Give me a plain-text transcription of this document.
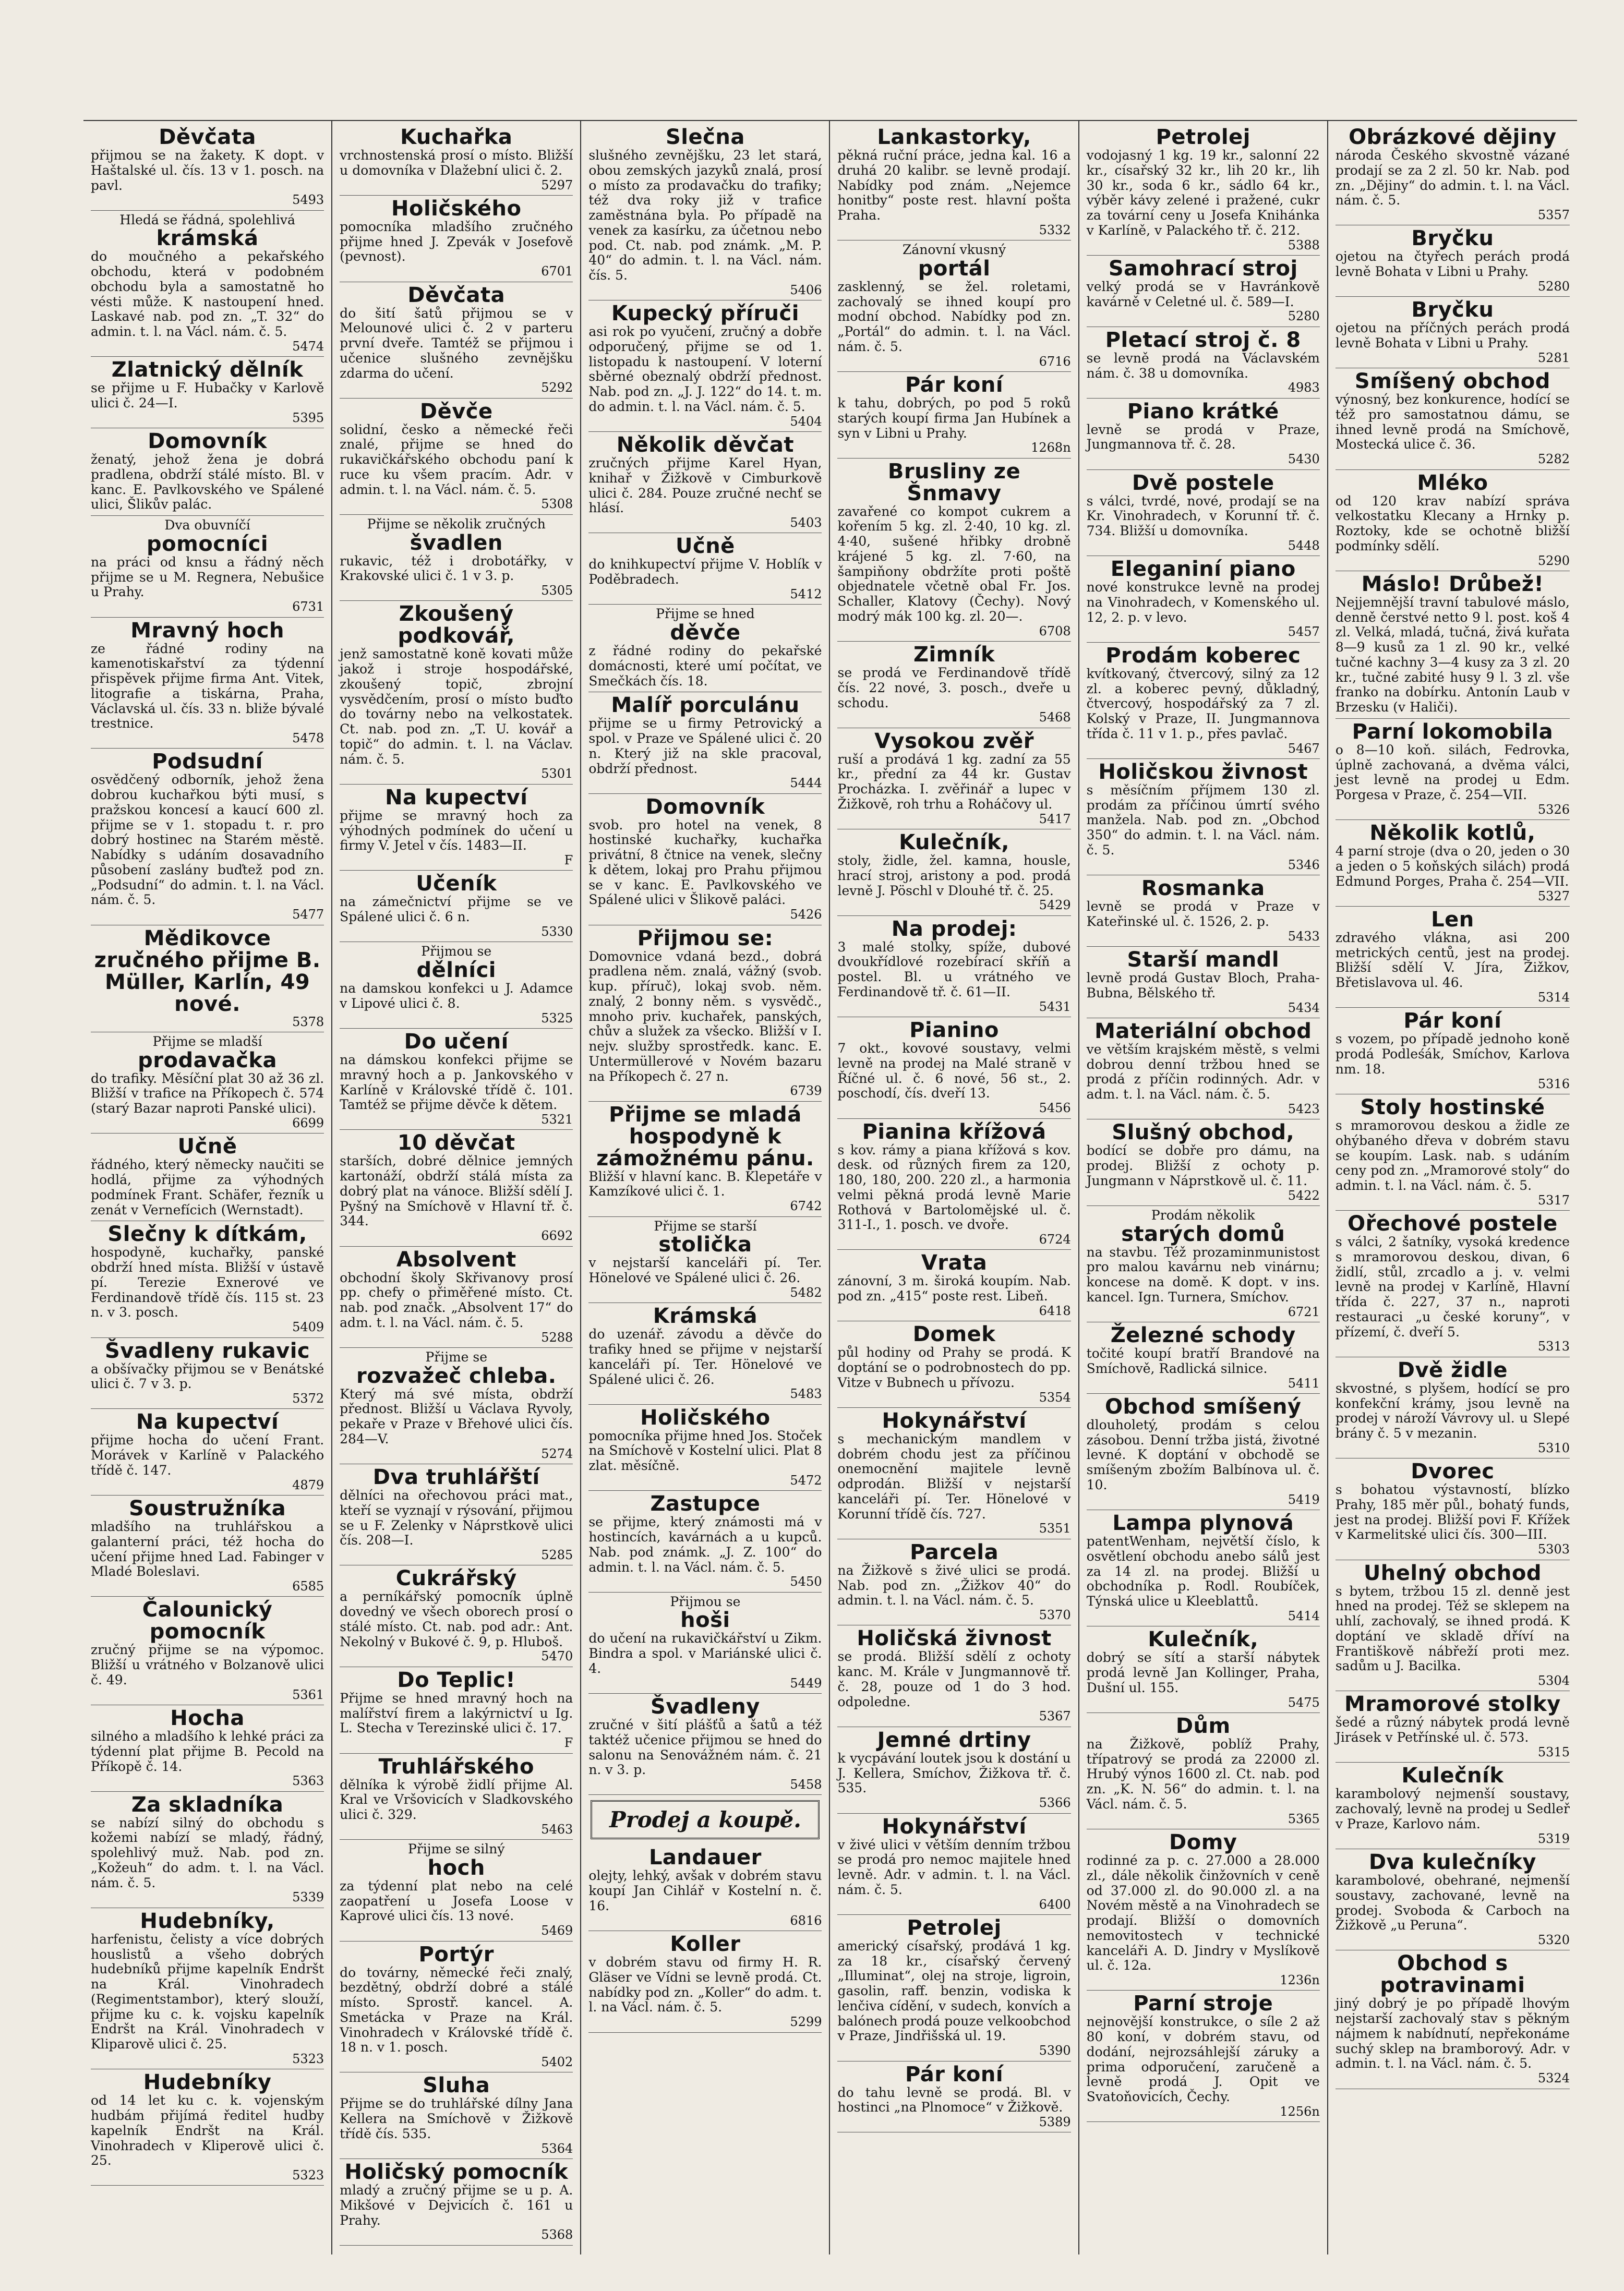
Děvčata
přijmou se na žakety. K dopt. v Haštalské ul. čís. 13 v 1. posch. na pavl.
5493
Hledá se řádná, spolehlivá
krámská
do moučného a pekařského obchodu, která v podobném obchodu byla a samostatně ho vésti může. K nastoupení hned. Laskavé nab. pod zn. „T. 32“ do admin. t. l. na Václ. nám. č. 5.
5474
Zlatnický dělník
se přijme u F. Hubačky v Karlově ulici č. 24—I.
5395
Domovník
ženatý, jehož žena je dobrá pradlena, obdrží stálé místo. Bl. v kanc. E. Pavlkovského ve Spálené ulici, Šlikův palác.
Dva obuvníčí
pomocníci
na práci od knsu a řádný něch přijme se u M. Regnera, Nebušice u Prahy.
6731
Mravný hoch
ze řádné rodiny na kamenotiskařství za týdenní přispěvek přijme firma Ant. Vitek, litografie a tiskárna, Praha, Václavská ul. čís. 33 n. bliže bývalé trestnice.
5478
Podsudní
osvědčený odborník, jehož žena dobrou kuchařkou býti musí, s pražskou koncesí a kaucí 600 zl. přijme se v 1. stopadu t. r. pro dobrý hostinec na Starém městě. Nabídky s udáním dosavadního působení zaslány buďtež pod zn. „Podsudní“ do admin. t. l. na Václ. nám. č. 5.
5477
Mědikovce zručného přijme B. Müller, Karlín, 49 nové.
5378
Přijme se mladší
prodavačka
do trafiky. Měsíční plat 30 až 36 zl. Bližší v trafice na Příkopech č. 574 (starý Bazar naproti Panské ulici).
6699
Učně
řádného, který německy naučiti se hodlá, přijme za výhodných podmínek Frant. Schäfer, řezník u zenát v Vernefícich (Wernstadt).
Slečny k dítkám,
hospodyně, kuchařky, panské obdrží hned místa. Bližší v ústavě pí. Terezie Exnerové ve Ferdinandově třídě čís. 115 st. 23 n. v 3. posch.
5409
Švadleny rukavic
a obšívačky přijmou se v Benátské ulici č. 7 v 3. p.
5372
Na kupectví
přijme hocha do učení Frant. Morávek v Karlíně v Palackého třídě č. 147.
4879
Soustružníka
mladšího na truhlářskou a galanterní práci, též hocha do učení přijme hned Lad. Fabinger v Mladé Boleslavi.
6585
Čalounický pomocník
zručný přijme se na výpomoc. Bližší u vrátného v Bolzanově ulici č. 49.
5361
Hocha
silného a mladšího k lehké práci za týdenní plat přijme B. Pecold na Příkopě č. 14.
5363
Za skladníka
se nabízí silný do obchodu s kožemi nabízí se mladý, řádný, spolehlivý muž. Nab. pod zn. „Kožeuh“ do adm. t. l. na Václ. nám. č. 5.
5339
Hudebníky,
harfenistu, čelisty a více dobrých houslistů a všeho dobrých hudebníků přijme kapelník Endršt na Král. Vinohradech (Regimentstambor), který slouží, přijme ku c. k. vojsku kapelník Endršt na Král. Vinohradech v Kliparově ulici č. 25.
5323
Hudebníky
od 14 let ku c. k. vojenským hudbám přijímá ředitel hudby kapelník Endršt na Král. Vinohradech v Kliperově ulici č. 25.
5323
Kuchařka
vrchnostenská prosí o místo. Bližší u domovníka v Dlažební ulici č. 2.
5297
Holičského
pomocníka mladšího zručného přijme hned J. Zpevák v Josefově (pevnost).
6701
Děvčata
do šití šatů přijmou se v Melounové ulici č. 2 v parteru první dveře. Tamtéž se přijmou i učenice slušného zevnějšku zdarma do učení.
5292
Děvče
solidní, česko a německé řeči znalé, přijme se hned do rukavičkářského obchodu paní k ruce ku všem pracím. Adr. v admin. t. l. na Václ. nám. č. 5.
5308
Přijme se několik zručných
švadlen
rukavic, též i drobotářky, v Krakovské ulici č. 1 v 3. p.
5305
Zkoušený podkovář,
jenž samostatně koně kovati může jakož i stroje hospodářské, zkoušený topič, zbrojní vysvědčením, prosí o místo buďto do továrny nebo na velkostatek. Ct. nab. pod zn. „T. U. kovář a topič“ do admin. t. l. na Václav. nám. č. 5.
5301
Na kupectví
přijme se mravný hoch za výhodných podmínek do učení u firmy V. Jetel v čís. 1483—II.
F
Učeník
na zámečnictví přijme se ve Spálené ulici č. 6 n.
5330
Přijmou se
dělníci
na damskou konfekci u J. Adamce v Lipové ulici č. 8.
5325
Do učení
na dámskou konfekci přijme se mravný hoch a p. Jankovského v Karlíně v Královské třídě č. 101. Tamtéž se přijme děvče k dětem.
5321
10 děvčat
starších, dobré dělnice jemných kartonáží, obdrží stálá místa za dobrý plat na vánoce. Bližší sdělí J. Pyšný na Smíchově v Hlavní tř. č. 344.
6692
Absolvent
obchodní školy Skřivanovy prosí pp. chefy o přiměřené místo. Ct. nab. pod značk. „Absolvent 17“ do adm. t. l. na Václ. nám. č. 5.
5288
Přijme se
rozvažeč chleba.
Který má své místa, obdrží přednost. Bližší u Václava Ryvoly, pekaře v Praze v Břehové ulici čís. 284—V.
5274
Dva truhlářští
dělníci na ořechovou práci mat., kteří se vyznají v rýsování, přijmou se u F. Zelenky v Náprstkově ulici čís. 208—I.
5285
Cukrářský
a perníkářský pomocník úplně dovedný ve všech oborech prosí o stálé místo. Ct. nab. pod adr.: Ant. Nekolný v Bukové č. 9, p. Hluboš.
5470
Do Teplic!
Přijme se hned mravný hoch na malířství firem a lakýrnictví u Ig. L. Stecha v Terezinské ulici č. 17.
F
Truhlářského
dělníka k výrobě židlí přijme Al. Kral ve Vršovicích v Sladkovského ulici č. 329.
5463
Přijme se silný
hoch
za týdenní plat nebo na celé zaopatření u Josefa Loose v Kaprové ulici čís. 13 nové.
5469
Portýr
do továrny, německé řeči znalý, bezdětný, obdrží dobré a stálé místo. Sprostř. kancel. A. Smetácka v Praze na Král. Vinohradech v Královské třídě č. 18 n. v 1. posch.
5402
Sluha
Přijme se do truhlářské dílny Jana Kellera na Smíchově v Žižkově třídě čís. 535.
5364
Holičský pomocník
mladý a zručný přijme se u p. A. Mikšové v Dejvicích č. 161 u Prahy.
5368
Slečna
slušného zevnějšku, 23 let stará, obou zemských jazyků znalá, prosí o místo za prodavačku do trafiky; též dva roky již v trafice zaměstnána byla. Po případě na venek za kasírku, za účetnou nebo pod. Ct. nab. pod známk. „M. P. 40“ do admin. t. l. na Václ. nám. čís. 5.
5406
Kupecký příruči
asi rok po vyučení, zručný a dobře odporučený, přijme se od 1. listopadu k nastoupení. V loterní sběrné obeznalý obdrží přednost. Nab. pod zn. „J. J. 122“ do 14. t. m. do admin. t. l. na Václ. nám. č. 5.
5404
Několik děvčat
zručných přijme Karel Hyan, knihař v Žižkově v Cimburkově ulici č. 284. Pouze zručné nechť se hlásí.
5403
Učně
do knihkupectví přijme V. Hoblík v Poděbradech.
5412
Přijme se hned
děvče
z řádné rodiny do pekařské domácnosti, které umí počítat, ve Smečkách čís. 18.
Malíř porculánu
přijme se u firmy Petrovický a spol. v Praze ve Spálené ulici č. 20 n. Který již na skle pracoval, obdrží přednost.
5444
Domovník
svob. pro hotel na venek, 8 hostinské kuchařky, kuchařka privátní, 8 čtnice na venek, slečny k dětem, lokaj pro Prahu přijmou se v kanc. E. Pavlkovského ve Spálené ulici v Šlikově paláci.
5426
Přijmou se:
Domovnice vdaná bezd., dobrá pradlena něm. znalá, vážný (svob. kup. příruč), lokaj svob. něm. znalý, 2 bonny něm. s vysvědč., mnoho priv. kuchařek, panských, chův a služek za všecko. Bližší v I. nejv. služby sprostředk. kanc. E. Untermüllerové v Novém bazaru na Příkopech č. 27 n.
6739
Přijme se mladá hospodyně k zámožnému pánu.
Bližší v hlavní kanc. B. Klepetáře v Kamzíkové ulici č. 1.
6742
Přijme se starší
stolička
v nejstarší kanceláři pí. Ter. Hönelové ve Spálené ulici č. 26.
5482
Krámská
do uzenář. závodu a děvče do trafiky hned se přijme v nejstarší kanceláři pí. Ter. Hönelové ve Spálené ulici č. 26.
5483
Holičského
pomocníka přijme hned Jos. Stoček na Smíchově v Kostelní ulici. Plat 8 zlat. měsíčně.
5472
Zastupce
se přijme, který známosti má v hostincích, kavárnách a u kupců. Nab. pod známk. „J. Z. 100“ do admin. t. l. na Václ. nám. č. 5.
5450
Přijmou se
hoši
do učení na rukavičkářství u Zikm. Bindra a spol. v Mariánské ulici č. 4.
5449
Švadleny
zručné v šití plášťů a šatů a též taktéž učenice přijmou se hned do salonu na Senovážném nám. č. 21 n. v 3. p.
5458
Prodej a koupě.
Landauer
olejty, lehký, avšak v dobrém stavu koupí Jan Cihlář v Kostelní n. č. 16.
6816
Koller
v dobrém stavu od firmy H. R. Gläser ve Vídni se levně prodá. Ct. nabídky pod zn. „Koller“ do adm. t. l. na Václ. nám. č. 5.
5299
Lankastorky,
pěkná ruční práce, jedna kal. 16 a druhá 20 kalibr. se levně prodají. Nabídky pod znám. „Nejemce honitby“ poste rest. hlavní pošta Praha.
5332
Zánovní vkusný
portál
zasklenný, se žel. roletami, zachovalý se ihned koupí pro modní obchod. Nabídky pod zn. „Portál“ do admin. t. l. na Václ. nám. č. 5.
6716
Pár koní
k tahu, dobrých, po pod 5 roků starých koupí firma Jan Hubínek a syn v Libni u Prahy.
1268n
Brusliny ze Šnmavy
zavařené co kompot cukrem a kořením 5 kg. zl. 2·40, 10 kg. zl. 4·40, sušené hřibky drobně krájené 5 kg. zl. 7·60, na šampiňony obdržíte proti poště objednatele včetně obal Fr. Jos. Schaller, Klatovy (Čechy). Nový modrý mák 100 kg. zl. 20—.
6708
Zimník
se prodá ve Ferdinandově třídě čís. 22 nové, 3. posch., dveře u schodu.
5468
Vysokou zvěř
ruší a prodává 1 kg. zadní za 55 kr., přední za 44 kr. Gustav Procházka. I. zvěřinář a lupec v Žižkově, roh trhu a Roháčovy ul.
5417
Kulečník,
stoly, židle, žel. kamna, housle, hrací stroj, aristony a pod. prodá levně J. Pöschl v Dlouhé tř. č. 25.
5429
Na prodej:
3 malé stolky, spíže, dubové dvoukřídlové rozebírací skříň a postel. Bl. u vrátného ve Ferdinandově tř. č. 61—II.
5431
Pianino
7 okt., kovové soustavy, velmi levně na prodej na Malé straně v Říčné ul. č. 6 nové, 56 st., 2. poschodí, čís. dveří 13.
5456
Pianina křížová
s kov. rámy a piana křížová s kov. desk. od různých firem za 120, 180, 180, 200. 220 zl., a harmonia velmi pěkná prodá levně Marie Rothová v Bartolomějské ul. č. 311-I., 1. posch. ve dvoře.
6724
Vrata
zánovní, 3 m. široká koupím. Nab. pod zn. „415“ poste rest. Libeň.
6418
Domek
půl hodiny od Prahy se prodá. K doptání se o podrobnostech do pp. Vitze v Bubnech u přívozu.
5354
Hokynářství
s mechanickým mandlem v dobrém chodu jest za příčinou onemocnění majitele levně odprodán. Bližší v nejstarší kanceláři pí. Ter. Hönelové v Korunní třídě čís. 727.
5351
Parcela
na Žižkově s živé ulici se prodá. Nab. pod zn. „Žižkov 40“ do admin. t. l. na Václ. nám. č. 5.
5370
Holičská živnost
se prodá. Bližší sdělí z ochoty kanc. M. Krále v Jungmannově tř. č. 28, pouze od 1 do 3 hod. odpoledne.
5367
Jemné drtiny
k vycpávání loutek jsou k dostání u J. Kellera, Smíchov, Žižkova tř. č. 535.
5366
Hokynářství
v živé ulici v větším denním tržbou se prodá pro nemoc majitele hned levně. Adr. v admin. t. l. na Václ. nám. č. 5.
6400
Petrolej
americký císařský, prodává 1 kg. za 18 kr., císařský červený „Illuminat“, olej na stroje, ligroin, gasolin, raff. benzin, vodiska k lenčiva cídění, v sudech, konvích a balónech prodá pouze velkoobchod v Praze, Jindřišská ul. 19.
5390
Pár koní
do tahu levně se prodá. Bl. v hostinci „na Plnomoce“ v Žižkově.
5389
Petrolej
vodojasný 1 kg. 19 kr., salonní 22 kr., císařský 32 kr., lih 20 kr., lih 30 kr., soda 6 kr., sádlo 64 kr., výběr kávy zelené i pražené, cukr za tovární ceny u Josefa Knihánka v Karlíně, v Palackého tř. č. 212.
5388
Samohrací stroj
velký prodá se v Havránkově kavárně v Celetné ul. č. 589—I.
5280
Pletací stroj č. 8
se levně prodá na Václavském nám. č. 38 u domovníka.
4983
Piano krátké
levně se prodá v Praze, Jungmannova tř. č. 28.
5430
Dvě postele
s válci, tvrdé, nové, prodají se na Kr. Vinohradech, v Korunní tř. č. 734. Bližší u domovníka.
5448
Eleganiní piano
nové konstrukce levně na prodej na Vinohradech, v Komenského ul. 12, 2. p. v levo.
5457
Prodám koberec
kvítkovaný, čtvercový, silný za 12 zl. a koberec pevný, důkladný, čtvercový, hospodářský za 7 zl. Kolský v Praze, II. Jungmannova třída č. 11 v 1. p., přes pavlač.
5467
Holičskou živnost
s měsíčním příjmem 130 zl. prodám za příčinou úmrtí svého manžela. Nab. pod zn. „Obchod 350“ do admin. t. l. na Václ. nám. č. 5.
5346
Rosmanka
levně se prodá v Praze v Kateřinské ul. č. 1526, 2. p.
5433
Starší mandl
levně prodá Gustav Bloch, Praha-Bubna, Bělského tř.
5434
Materiální obchod
ve větším krajském městě, s velmi dobrou denní tržbou hned se prodá z příčin rodinných. Adr. v adm. t. l. na Václ. nám. č. 5.
5423
Slušný obchod,
bodící se dobře pro dámu, na prodej. Bližší z ochoty p. Jungmann v Náprstkově ul. č. 11.
5422
Prodám několik
starých domů
na stavbu. Též prozaminmunistost pro malou kavárnu neb vinárnu; koncese na domě. K dopt. v ins. kancel. Ign. Turnera, Smíchov.
6721
Železné schody
točité koupí bratří Brandové na Smíchově, Radlická silnice.
5411
Obchod smíšený
dlouholetý, prodám s celou zásobou. Denní tržba jistá, životné levné. K doptání v obchodě se smíšeným zbožím Balbínova ul. č. 10.
5419
Lampa plynová
patentWenham, největší číslo, k osvětlení obchodu anebo sálů jest za 14 zl. na prodej. Bližší u obchodníka p. Rodl. Roubíček, Týnská ulice u Kleeblattů.
5414
Kulečník,
dobrý se sítí a starší nábytek prodá levně Jan Kollinger, Praha, Dušní ul. 155.
5475
Dům
na Žižkově, poblíž Prahy, třípatrový se prodá za 22000 zl. Hrubý výnos 1600 zl. Ct. nab. pod zn. „K. N. 56“ do admin. t. l. na Václ. nám. č. 5.
5365
Domy
rodinné za p. c. 27.000 a 28.000 zl., dále několik činžovních v ceně od 37.000 zl. do 90.000 zl. a na Novém městě a na Vinohradech se prodají. Bližší o domovních nemovitostech v technické kanceláři A. D. Jindry v Myslíkově ul. č. 12a.
1236n
Parní stroje
nejnovější konstrukce, o síle 2 až 80 koní, v dobrém stavu, od dodání, nejrozsáhlejší záruky a prima odporučení, zaručeně a levně prodá J. Opit ve Svatoňovicích, Čechy.
1256n
Obrázkové dějiny
národa Českého skvostně vázané prodají se za 2 zl. 50 kr. Nab. pod zn. „Dějiny“ do admin. t. l. na Václ. nám. č. 5.
5357
Bryčku
ojetou na čtyřech perách prodá levně Bohata v Libni u Prahy.
5280
Bryčku
ojetou na příčných perách prodá levně Bohata v Libni u Prahy.
5281
Smíšený obchod
výnosný, bez konkurence, hodící se též pro samostatnou dámu, se ihned levně prodá na Smíchově, Mostecká ulice č. 36.
5282
Mléko
od 120 krav nabízí správa velkostatku Klecany a Hrnky p. Roztoky, kde se ochotně bližší podmínky sdělí.
5290
Máslo! Drůbež!
Nejjemnější travní tabulové máslo, denně čerstvé netto 9 l. post. koš 4 zl. Velká, mladá, tučná, živá kuřata 8—9 kusů za 1 zl. 90 kr., velké tučné kachny 3—4 kusy za 3 zl. 20 kr., tučné zabité husy 9 l. 3 zl. vše franko na dobírku. Antonín Laub v Brzesku (v Haliči).
Parní lokomobila
o 8—10 koň. silách, Fedrovka, úplně zachovaná, a dvěma válci, jest levně na prodej u Edm. Porgesa v Praze, č. 254—VII.
5326
Několik kotlů,
4 parní stroje (dva o 20, jeden o 30 a jeden o 5 koňských silách) prodá Edmund Porges, Praha č. 254—VII.
5327
Len
zdravého vlákna, asi 200 metrických centů, jest na prodej. Bližší sdělí V. Jíra, Žižkov, Břetislavova ul. 46.
5314
Pár koní
s vozem, po případě jednoho koně prodá Podleśák, Smíchov, Karlova nm. 18.
5316
Stoly hostinské
s mramorovou deskou a židle ze ohýbaného dřeva v dobrém stavu se koupím. Lask. nab. s udáním ceny pod zn. „Mramorové stoly“ do admin. t. l. na Václ. nám. č. 5.
5317
Ořechové postele
s válci, 2 šatníky, vysoká kredence s mramorovou deskou, divan, 6 židlí, stůl, zrcadlo a j. v. velmi levně na prodej v Karlíně, Hlavní třída č. 227, 37 n., naproti restauraci „u české koruny“, v přízemí, č. dveří 5.
5313
Dvě židle
skvostné, s plyšem, hodící se pro konfekční krámy, jsou levně na prodej v nároží Vávrovy ul. u Slepé brány č. 5 v mezanin.
5310
Dvorec
s bohatou výstavností, blízko Prahy, 185 měr půl., bohatý funds, jest na prodej. Bližší povi F. Křížek v Karmelitské ulici čís. 300—III.
5303
Uhelný obchod
s bytem, tržbou 15 zl. denně jest hned na prodej. Též se sklepem na uhlí, zachovalý, se ihned prodá. K doptání ve skladě dříví na Františkově nábřeží proti mez. sadům u J. Bacilka.
5304
Mramorové stolky
šedé a různý nábytek prodá levně Jirásek v Petřínské ul. č. 573.
5315
Kulečník
karambolový nejmenší soustavy, zachovalý, levně na prodej u Sedleř v Praze, Karlovo nám.
5319
Dva kulečníky
karambolové, obehrané, nejmenší soustavy, zachované, levně na prodej. Svoboda & Carboch na Žižkově „u Peruna“.
5320
Obchod s potravinami
jiný dobrý je po případě lhovým nejstarší zachovalý stav s pěkným nájmem k nabídnutí, nepřekonáme suchý sklep na bramborový. Adr. v admin. t. l. na Václ. nám. č. 5.
5324
